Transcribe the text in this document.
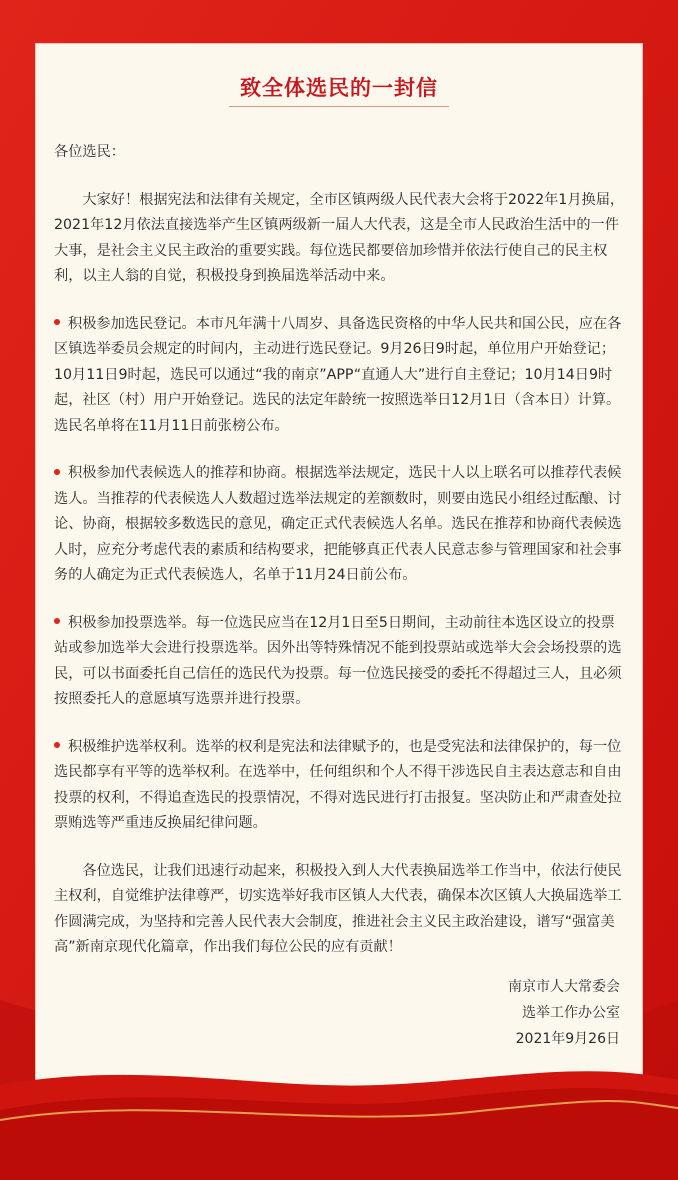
致全体选民的一封信

各位选民：

大家好！根据宪法和法律有关规定，全市区镇两级人民代表大会将于2022年1月换届，2021年12月依法直接选举产生区镇两级新一届人大代表，这是全市人民政治生活中的一件大事，是社会主义民主政治的重要实践。每位选民都要倍加珍惜并依法行使自己的民主权利，以主人翁的自觉，积极投身到换届选举活动中来。

积极参加选民登记。本市凡年满十八周岁、具备选民资格的中华人民共和国公民，应在各区镇选举委员会规定的时间内，主动进行选民登记。9月26日9时起，单位用户开始登记；10月11日9时起，选民可以通过“我的南京”APP“直通人大”进行自主登记；10月14日9时起，社区（村）用户开始登记。选民的法定年龄统一按照选举日12月1日（含本日）计算。选民名单将在11月11日前张榜公布。

积极参加代表候选人的推荐和协商。根据选举法规定，选民十人以上联名可以推荐代表候选人。当推荐的代表候选人人数超过选举法规定的差额数时，则要由选民小组经过酝酿、讨论、协商，根据较多数选民的意见，确定正式代表候选人名单。选民在推荐和协商代表候选人时，应充分考虑代表的素质和结构要求，把能够真正代表人民意志参与管理国家和社会事务的人确定为正式代表候选人，名单于11月24日前公布。

积极参加投票选举。每一位选民应当在12月1日至5日期间，主动前往本选区设立的投票站或参加选举大会进行投票选举。因外出等特殊情况不能到投票站或选举大会会场投票的选民，可以书面委托自己信任的选民代为投票。每一位选民接受的委托不得超过三人，且必须按照委托人的意愿填写选票并进行投票。

积极维护选举权利。选举的权利是宪法和法律赋予的，也是受宪法和法律保护的，每一位选民都享有平等的选举权利。在选举中，任何组织和个人不得干涉选民自主表达意志和自由投票的权利，不得追查选民的投票情况，不得对选民进行打击报复。坚决防止和严肃查处拉票贿选等严重违反换届纪律问题。

各位选民，让我们迅速行动起来，积极投入到人大代表换届选举工作当中，依法行使民主权利，自觉维护法律尊严，切实选举好我市区镇人大代表，确保本次区镇人大换届选举工作圆满完成，为坚持和完善人民代表大会制度，推进社会主义民主政治建设，谱写“强富美高”新南京现代化篇章，作出我们每位公民的应有贡献！

南京市人大常委会
选举工作办公室
2021年9月26日
